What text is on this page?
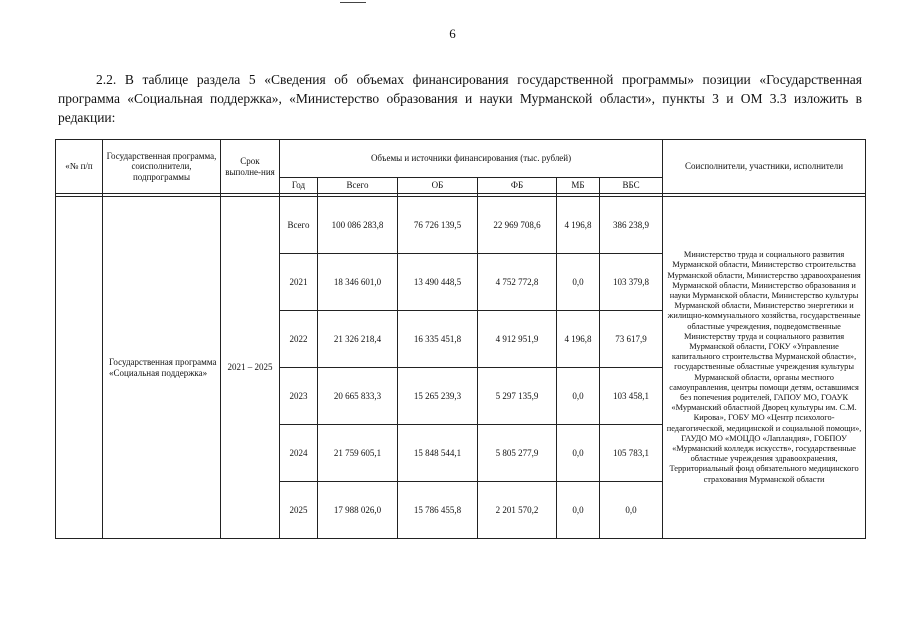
6

2.2. В таблице раздела 5 «Сведения об объемах финансирования государственной программы» позиции «Государственная программа «Социальная поддержка», «Министерство образования и науки Мурманской области», пункты 3 и ОМ 3.3 изложить в редакции:

«№ п/п	Государственная программа, соисполнители, подпрограммы	Срок выполне-ния	Объемы и источники финансирования (тыс. рублей)						Соисполнители, участники, исполнители
			Год	Всего	ОБ	ФБ	МБ	ВБС	

	Государственная программа «Социальная поддержка»	2021 – 2025	Всего	100 086 283,8	76 726 139,5	22 969 708,6	4 196,8	386 238,9	Министерство труда и социального развития Мурманской области, Министерство строительства Мурманской области, Министерство здравоохранения Мурманской области, Министерство образования и науки Мурманской области, Министерство культуры Мурманской области, Министерство энергетики и жилищно-коммунального хозяйства, государственные областные учреждения, подведомственные Министерству труда и социального развития Мурманской области, ГОКУ «Управление капитального строительства Мурманской области», государственные областные учреждения культуры Мурманской области, органы местного самоуправления, центры помощи детям, оставшимся без попечения родителей, ГАПОУ МО, ГОАУК «Мурманский областной Дворец культуры им. С.М. Кирова», ГОБУ МО «Центр психолого-педагогической, медицинской и социальной помощи», ГАУДО МО «МОЦДО «Лапландия», ГОБПОУ «Мурманский колледж искусств», государственные областные учреждения здравоохранения, Территориальный фонд обязательного медицинского страхования Мурманской области
			2021	18 346 601,0	13 490 448,5	4 752 772,8	0,0	103 379,8	
			2022	21 326 218,4	16 335 451,8	4 912 951,9	4 196,8	73 617,9	
			2023	20 665 833,3	15 265 239,3	5 297 135,9	0,0	103 458,1	
			2024	21 759 605,1	15 848 544,1	5 805 277,9	0,0	105 783,1	
			2025	17 988 026,0	15 786 455,8	2 201 570,2	0,0	0,0	
